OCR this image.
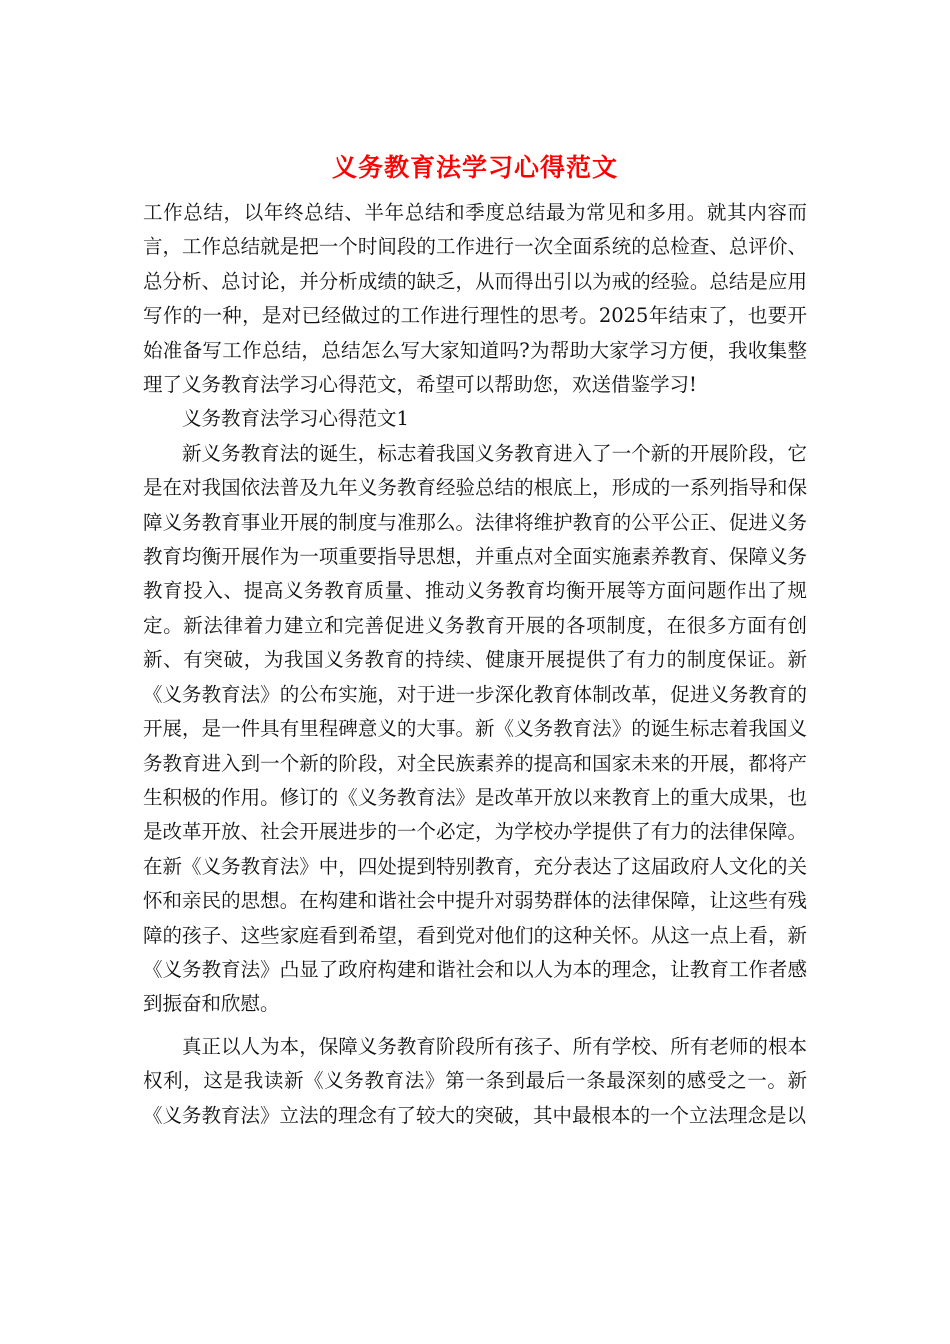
义务教育法学习心得范文

工作总结，以年终总结、半年总结和季度总结最为常见和多用。就其内容而言，工作总结就是把一个时间段的工作进行一次全面系统的总检查、总评价、总分析、总讨论，并分析成绩的缺乏，从而得出引以为戒的经验。总结是应用写作的一种，是对已经做过的工作进行理性的思考。2025年结束了，也要开始准备写工作总结，总结怎么写大家知道吗?为帮助大家学习方便，我收集整理了义务教育法学习心得范文，希望可以帮助您，欢送借鉴学习!

义务教育法学习心得范文1

新义务教育法的诞生，标志着我国义务教育进入了一个新的开展阶段，它是在对我国依法普及九年义务教育经验总结的根底上，形成的一系列指导和保障义务教育事业开展的制度与准那么。法律将维护教育的公平公正、促进义务教育均衡开展作为一项重要指导思想，并重点对全面实施素养教育、保障义务教育投入、提高义务教育质量、推动义务教育均衡开展等方面问题作出了规定。新法律着力建立和完善促进义务教育开展的各项制度，在很多方面有创新、有突破，为我国义务教育的持续、健康开展提供了有力的制度保证。新《义务教育法》的公布实施，对于进一步深化教育体制改革，促进义务教育的开展，是一件具有里程碑意义的大事。新《义务教育法》的诞生标志着我国义务教育进入到一个新的阶段，对全民族素养的提高和国家未来的开展，都将产生积极的作用。修订的《义务教育法》是改革开放以来教育上的重大成果，也是改革开放、社会开展进步的一个必定，为学校办学提供了有力的法律保障。在新《义务教育法》中，四处提到特别教育，充分表达了这届政府人文化的关怀和亲民的思想。在构建和谐社会中提升对弱势群体的法律保障，让这些有残障的孩子、这些家庭看到希望，看到党对他们的这种关怀。从这一点上看，新《义务教育法》凸显了政府构建和谐社会和以人为本的理念，让教育工作者感到振奋和欣慰。

真正以人为本，保障义务教育阶段所有孩子、所有学校、所有老师的根本权利，这是我读新《义务教育法》第一条到最后一条最深刻的感受之一。新《义务教育法》立法的理念有了较大的突破，其中最根本的一个立法理念是以
